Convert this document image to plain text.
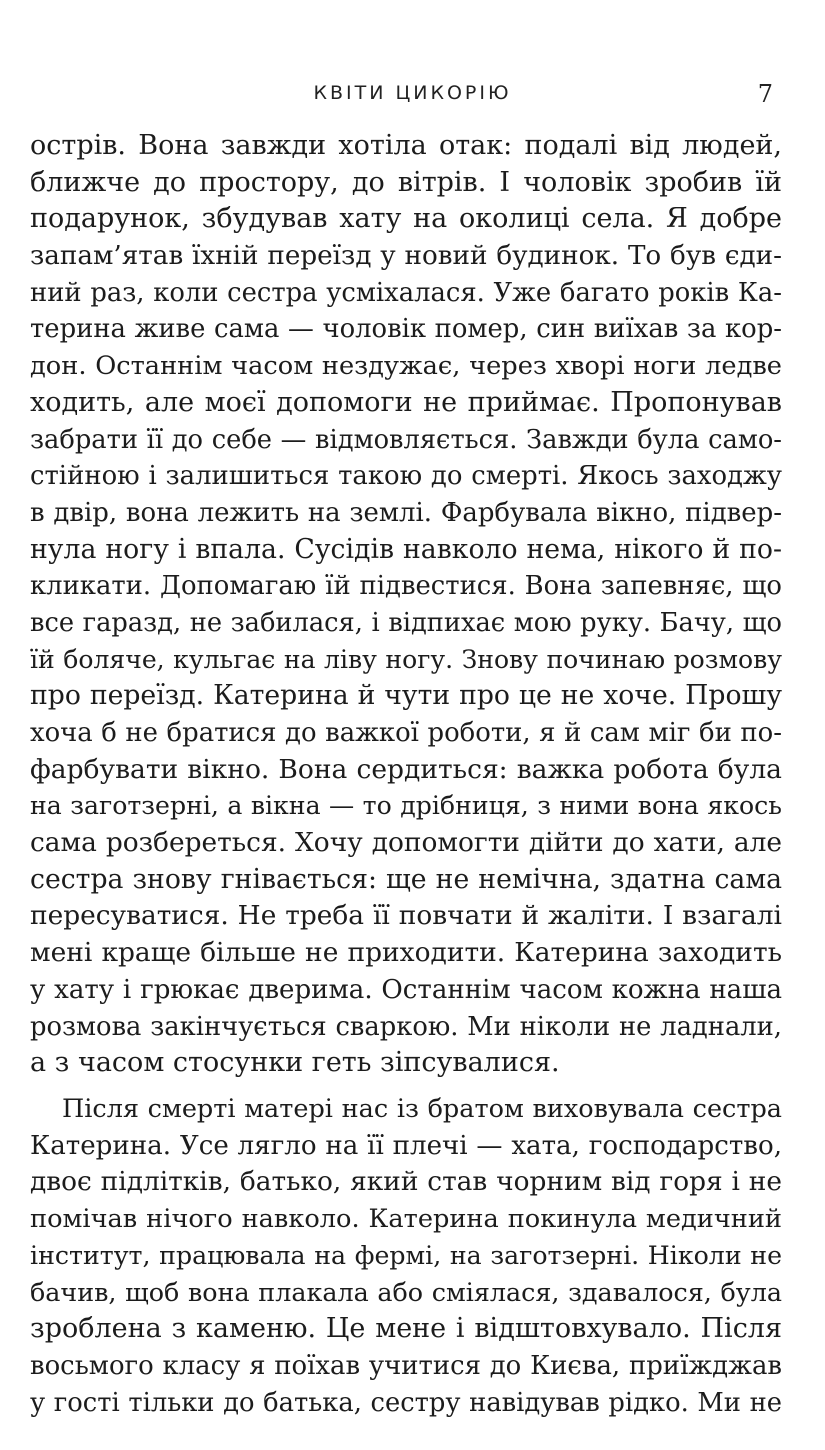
КВІТИ ЦИКОРІЮ	7
острів. Вона завжди хотіла отак: подалі від людей,
ближче до простору, до вітрів. І чоловік зробив їй
подарунок, збудував хату на околиці села. Я добре
запам’ятав їхній переїзд у новий будинок. То був єди-
ний раз, коли сестра усміхалася. Уже багато років Ка-
терина живе сама — чоловік помер, син виїхав за кор-
дон. Останнім часом нездужає, через хворі ноги ледве
ходить, але моєї допомоги не приймає. Пропонував
забрати її до себе — відмовляється. Завжди була само-
стійною і залишиться такою до смерті. Якось заходжу
в двір, вона лежить на землі. Фарбувала вікно, підвер-
нула ногу і впала. Сусідів навколо нема, нікого й по-
кликати. Допомагаю їй підвестися. Вона запевняє, що
все гаразд, не забилася, і відпихає мою руку. Бачу, що
їй боляче, кульгає на ліву ногу. Знову починаю розмову
про переїзд. Катерина й чути про це не хоче. Прошу
хоча б не братися до важкої роботи, я й сам міг би по-
фарбувати вікно. Вона сердиться: важка робота була
на заготзерні, а вікна — то дрібниця, з ними вона якось
сама розбереться. Хочу допомогти дійти до хати, але
сестра знову гнівається: ще не немічна, здатна сама
пересуватися. Не треба її повчати й жаліти. І взагалі
мені краще більше не приходити. Катерина заходить
у хату і грюкає дверима. Останнім часом кожна наша
розмова закінчується сваркою. Ми ніколи не ладнали,
а з часом стосунки геть зіпсувалися.
Після смерті матері нас із братом виховувала сестра
Катерина. Усе лягло на її плечі — хата, господарство,
двоє підлітків, батько, який став чорним від горя і не
помічав нічого навколо. Катерина покинула медичний
інститут, працювала на фермі, на заготзерні. Ніколи не
бачив, щоб вона плакала або сміялася, здавалося, була
зроблена з каменю. Це мене і відштовхувало. Після
восьмого класу я поїхав учитися до Києва, приїжджав
у гості тільки до батька, сестру навідував рідко. Ми не
